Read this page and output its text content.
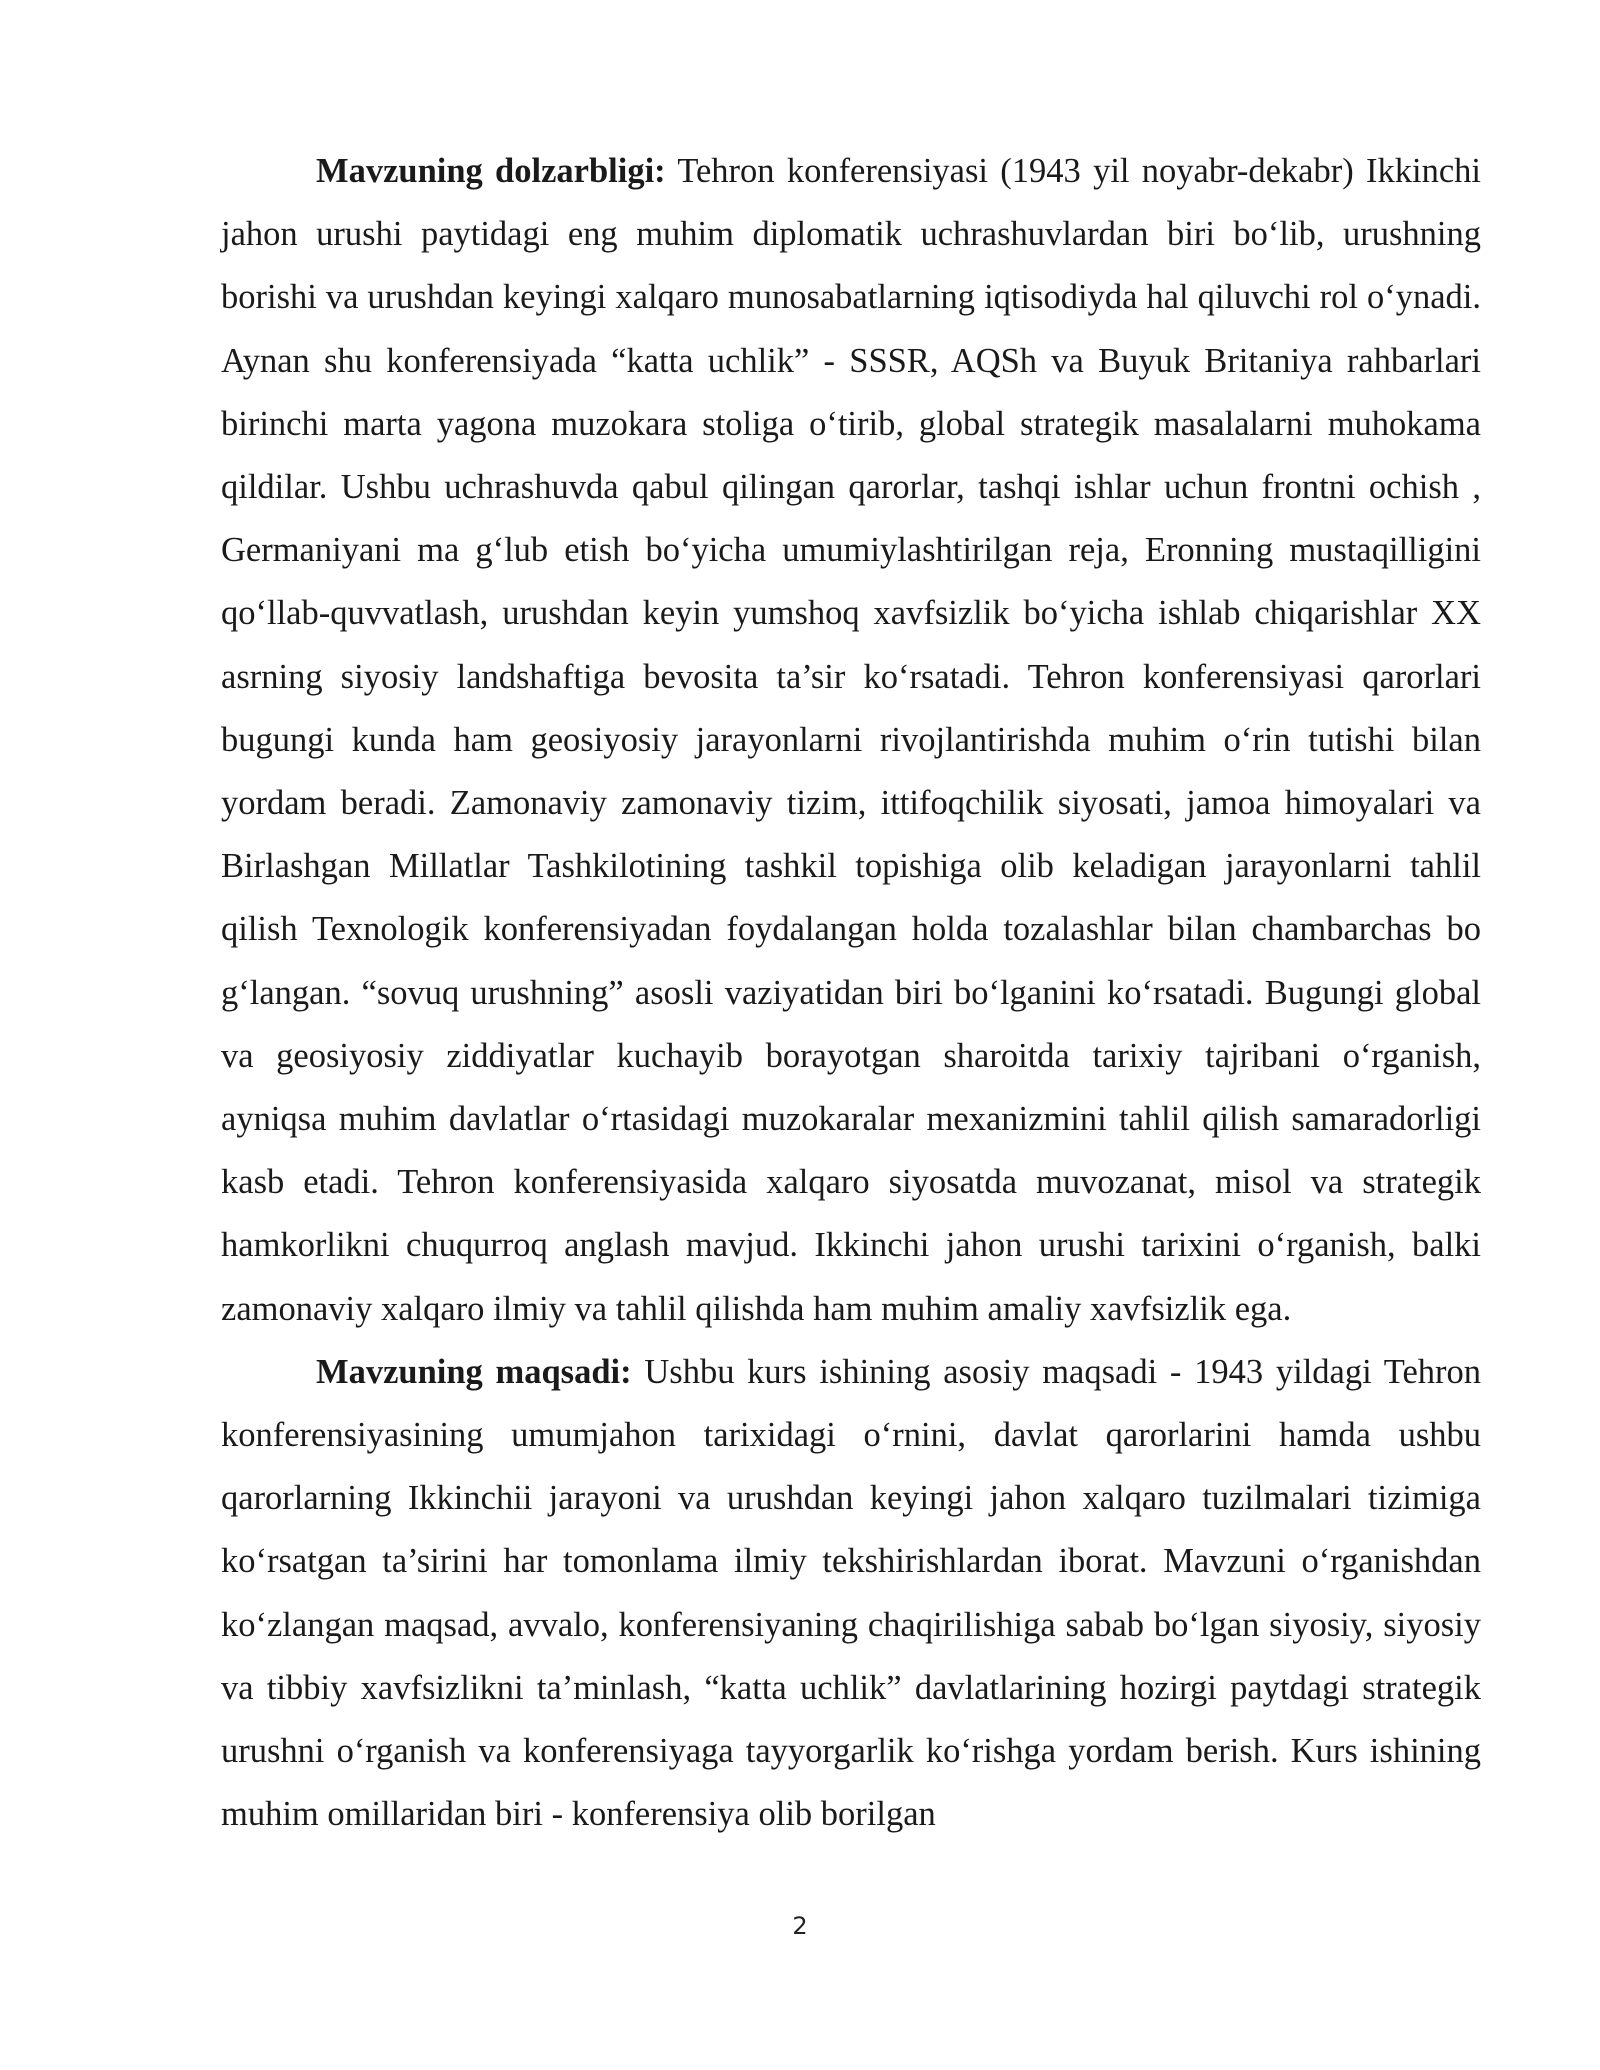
Mavzuning dolzarbligi: Tehron konferensiyasi (1943 yil noyabr-dekabr) Ikkinchi jahon urushi paytidagi eng muhim diplomatik uchrashuvlardan biri bo‘lib, urushning borishi va urushdan keyingi xalqaro munosabatlarning iqtisodiyda hal qiluvchi rol o‘ynadi. Aynan shu konferensiyada “katta uchlik” - SSSR, AQSh va Buyuk Britaniya rahbarlari birinchi marta yagona muzokara stoliga o‘tirib, global strategik masalalarni muhokama qildilar. Ushbu uchrashuvda qabul qilingan qarorlar, tashqi ishlar uchun frontni ochish , Germaniyani ma g‘lub etish bo‘yicha umumiylashtirilgan reja, Eronning mustaqilligini qo‘llab-quvvatlash, urushdan keyin yumshoq xavfsizlik bo‘yicha ishlab chiqarishlar XX asrning siyosiy landshaftiga bevosita ta’sir ko‘rsatadi. Tehron konferensiyasi qarorlari bugungi kunda ham geosiyosiy jarayonlarni rivojlantirishda muhim o‘rin tutishi bilan yordam beradi. Zamonaviy zamonaviy tizim, ittifoqchilik siyosati, jamoa himoyalari va Birlashgan Millatlar Tashkilotining tashkil topishiga olib keladigan jarayonlarni tahlil qilish Texnologik konferensiyadan foydalangan holda tozalashlar bilan chambarchas bo g‘langan. “sovuq urushning” asosli vaziyatidan biri bo‘lganini ko‘rsatadi. Bugungi global va geosiyosiy ziddiyatlar kuchayib borayotgan sharoitda tarixiy tajribani o‘rganish, ayniqsa muhim davlatlar o‘rtasidagi muzokaralar mexanizmini tahlil qilish samaradorligi kasb etadi. Tehron konferensiyasida xalqaro siyosatda muvozanat, misol va strategik hamkorlikni chuqurroq anglash mavjud. Ikkinchi jahon urushi tarixini o‘rganish, balki zamonaviy xalqaro ilmiy va tahlil qilishda ham muhim amaliy xavfsizlik ega.

Mavzuning maqsadi: Ushbu kurs ishining asosiy maqsadi - 1943 yildagi Tehron konferensiyasining umumjahon tarixidagi o‘rnini, davlat qarorlarini hamda ushbu qarorlarning Ikkinchii jarayoni va urushdan keyingi jahon xalqaro tuzilmalari tizimiga ko‘rsatgan ta’sirini har tomonlama ilmiy tekshirishlardan iborat. Mavzuni o‘rganishdan ko‘zlangan maqsad, avvalo, konferensiyaning chaqirilishiga sabab bo‘lgan siyosiy, siyosiy va tibbiy xavfsizlikni ta’minlash, “katta uchlik” davlatlarining hozirgi paytdagi strategik urushni o‘rganish va konferensiyaga tayyorgarlik ko‘rishga yordam berish. Kurs ishining muhim omillaridan biri - konferensiya olib borilgan

2
